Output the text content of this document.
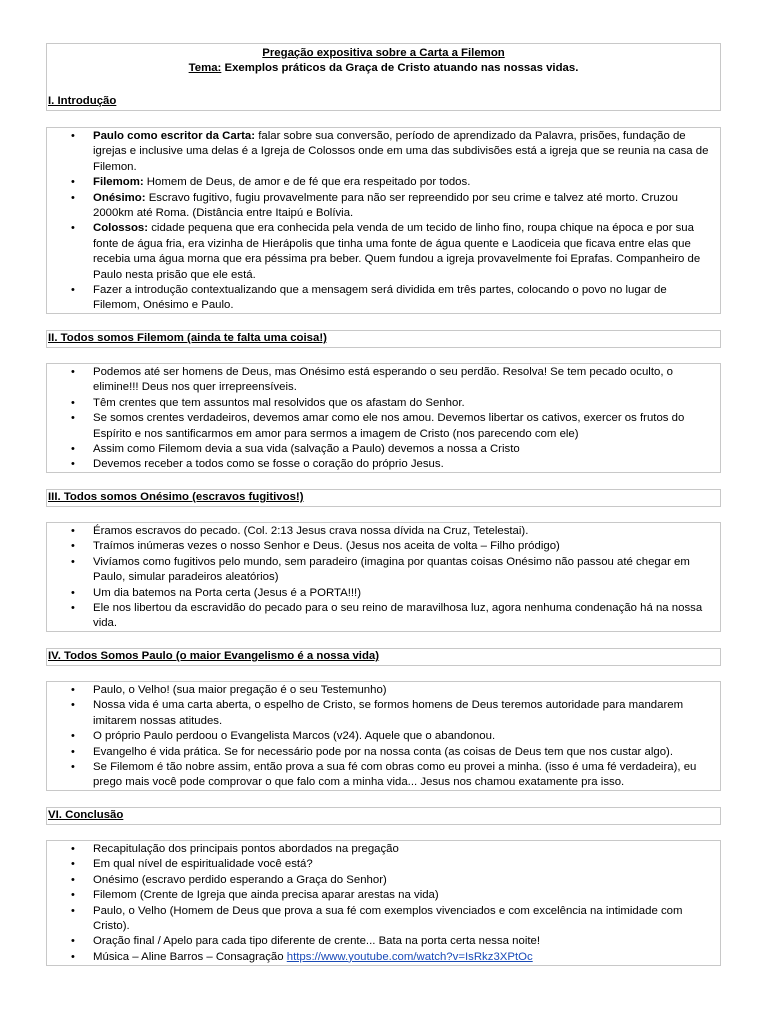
Pregação expositiva sobre a Carta a Filemon
Tema: Exemplos práticos da Graça de Cristo atuando nas nossas vidas.
I. Introdução
• Paulo como escritor da Carta: falar sobre sua conversão, período de aprendizado da Palavra, prisões, fundação de igrejas e inclusive uma delas é a Igreja de Colossos onde em uma das subdivisões está a igreja que se reunia na casa de Filemon.
• Filemom: Homem de Deus, de amor e de fé que era respeitado por todos.
• Onésimo: Escravo fugitivo, fugiu provavelmente para não ser repreendido por seu crime e talvez até morto. Cruzou 2000km até Roma. (Distância entre Itaipú e Bolívia.
• Colossos: cidade pequena que era conhecida pela venda de um tecido de linho fino, roupa chique na época e por sua fonte de água fria, era vizinha de Hierápolis que tinha uma fonte de água quente e Laodiceia que ficava entre elas que recebia uma água morna que era péssima pra beber. Quem fundou a igreja provavelmente foi Eprafas. Companheiro de Paulo nesta prisão que ele está.
• Fazer a introdução contextualizando que a mensagem será dividida em três partes, colocando o povo no lugar de Filemom, Onésimo e Paulo.
II. Todos somos Filemom (ainda te falta uma coisa!)
• Podemos até ser homens de Deus, mas Onésimo está esperando o seu perdão. Resolva! Se tem pecado oculto, o elimine!!! Deus nos quer irrepreensíveis.
• Têm crentes que tem assuntos mal resolvidos que os afastam do Senhor.
• Se somos crentes verdadeiros, devemos amar como ele nos amou. Devemos libertar os cativos, exercer os frutos do Espírito e nos santificarmos em amor para sermos a imagem de Cristo (nos parecendo com ele)
• Assim como Filemom devia a sua vida (salvação a Paulo) devemos a nossa a Cristo
• Devemos receber a todos como se fosse o coração do próprio Jesus.
III. Todos somos Onésimo (escravos fugitivos!)
• Éramos escravos do pecado. (Col. 2:13 Jesus crava nossa dívida na Cruz, Tetelestai).
• Traímos inúmeras vezes o nosso Senhor e Deus. (Jesus nos aceita de volta – Filho pródigo)
• Vivíamos como fugitivos pelo mundo, sem paradeiro (imagina por quantas coisas Onésimo não passou até chegar em Paulo, simular paradeiros aleatórios)
• Um dia batemos na Porta certa (Jesus é a PORTA!!!)
• Ele nos libertou da escravidão do pecado para o seu reino de maravilhosa luz, agora nenhuma condenação há na nossa vida.
IV. Todos Somos Paulo (o maior Evangelismo é a nossa vida)
• Paulo, o Velho! (sua maior pregação é o seu Testemunho)
• Nossa vida é uma carta aberta, o espelho de Cristo, se formos homens de Deus teremos autoridade para mandarem imitarem nossas atitudes.
• O próprio Paulo perdoou o Evangelista Marcos (v24). Aquele que o abandonou.
• Evangelho é vida prática. Se for necessário pode por na nossa conta (as coisas de Deus tem que nos custar algo).
• Se Filemom é tão nobre assim, então prova a sua fé com obras como eu provei a minha. (isso é uma fé verdadeira), eu prego mais você pode comprovar o que falo com a minha vida... Jesus nos chamou exatamente pra isso.
VI. Conclusão
• Recapitulação dos principais pontos abordados na pregação
• Em qual nível de espiritualidade você está?
• Onésimo (escravo perdido esperando a Graça do Senhor)
• Filemom (Crente de Igreja que ainda precisa aparar arestas na vida)
• Paulo, o Velho (Homem de Deus que prova a sua fé com exemplos vivenciados e com excelência na intimidade com Cristo).
• Oração final / Apelo para cada tipo diferente de crente... Bata na porta certa nessa noite!
• Música – Aline Barros – Consagração https://www.youtube.com/watch?v=IsRkz3XPtOc
